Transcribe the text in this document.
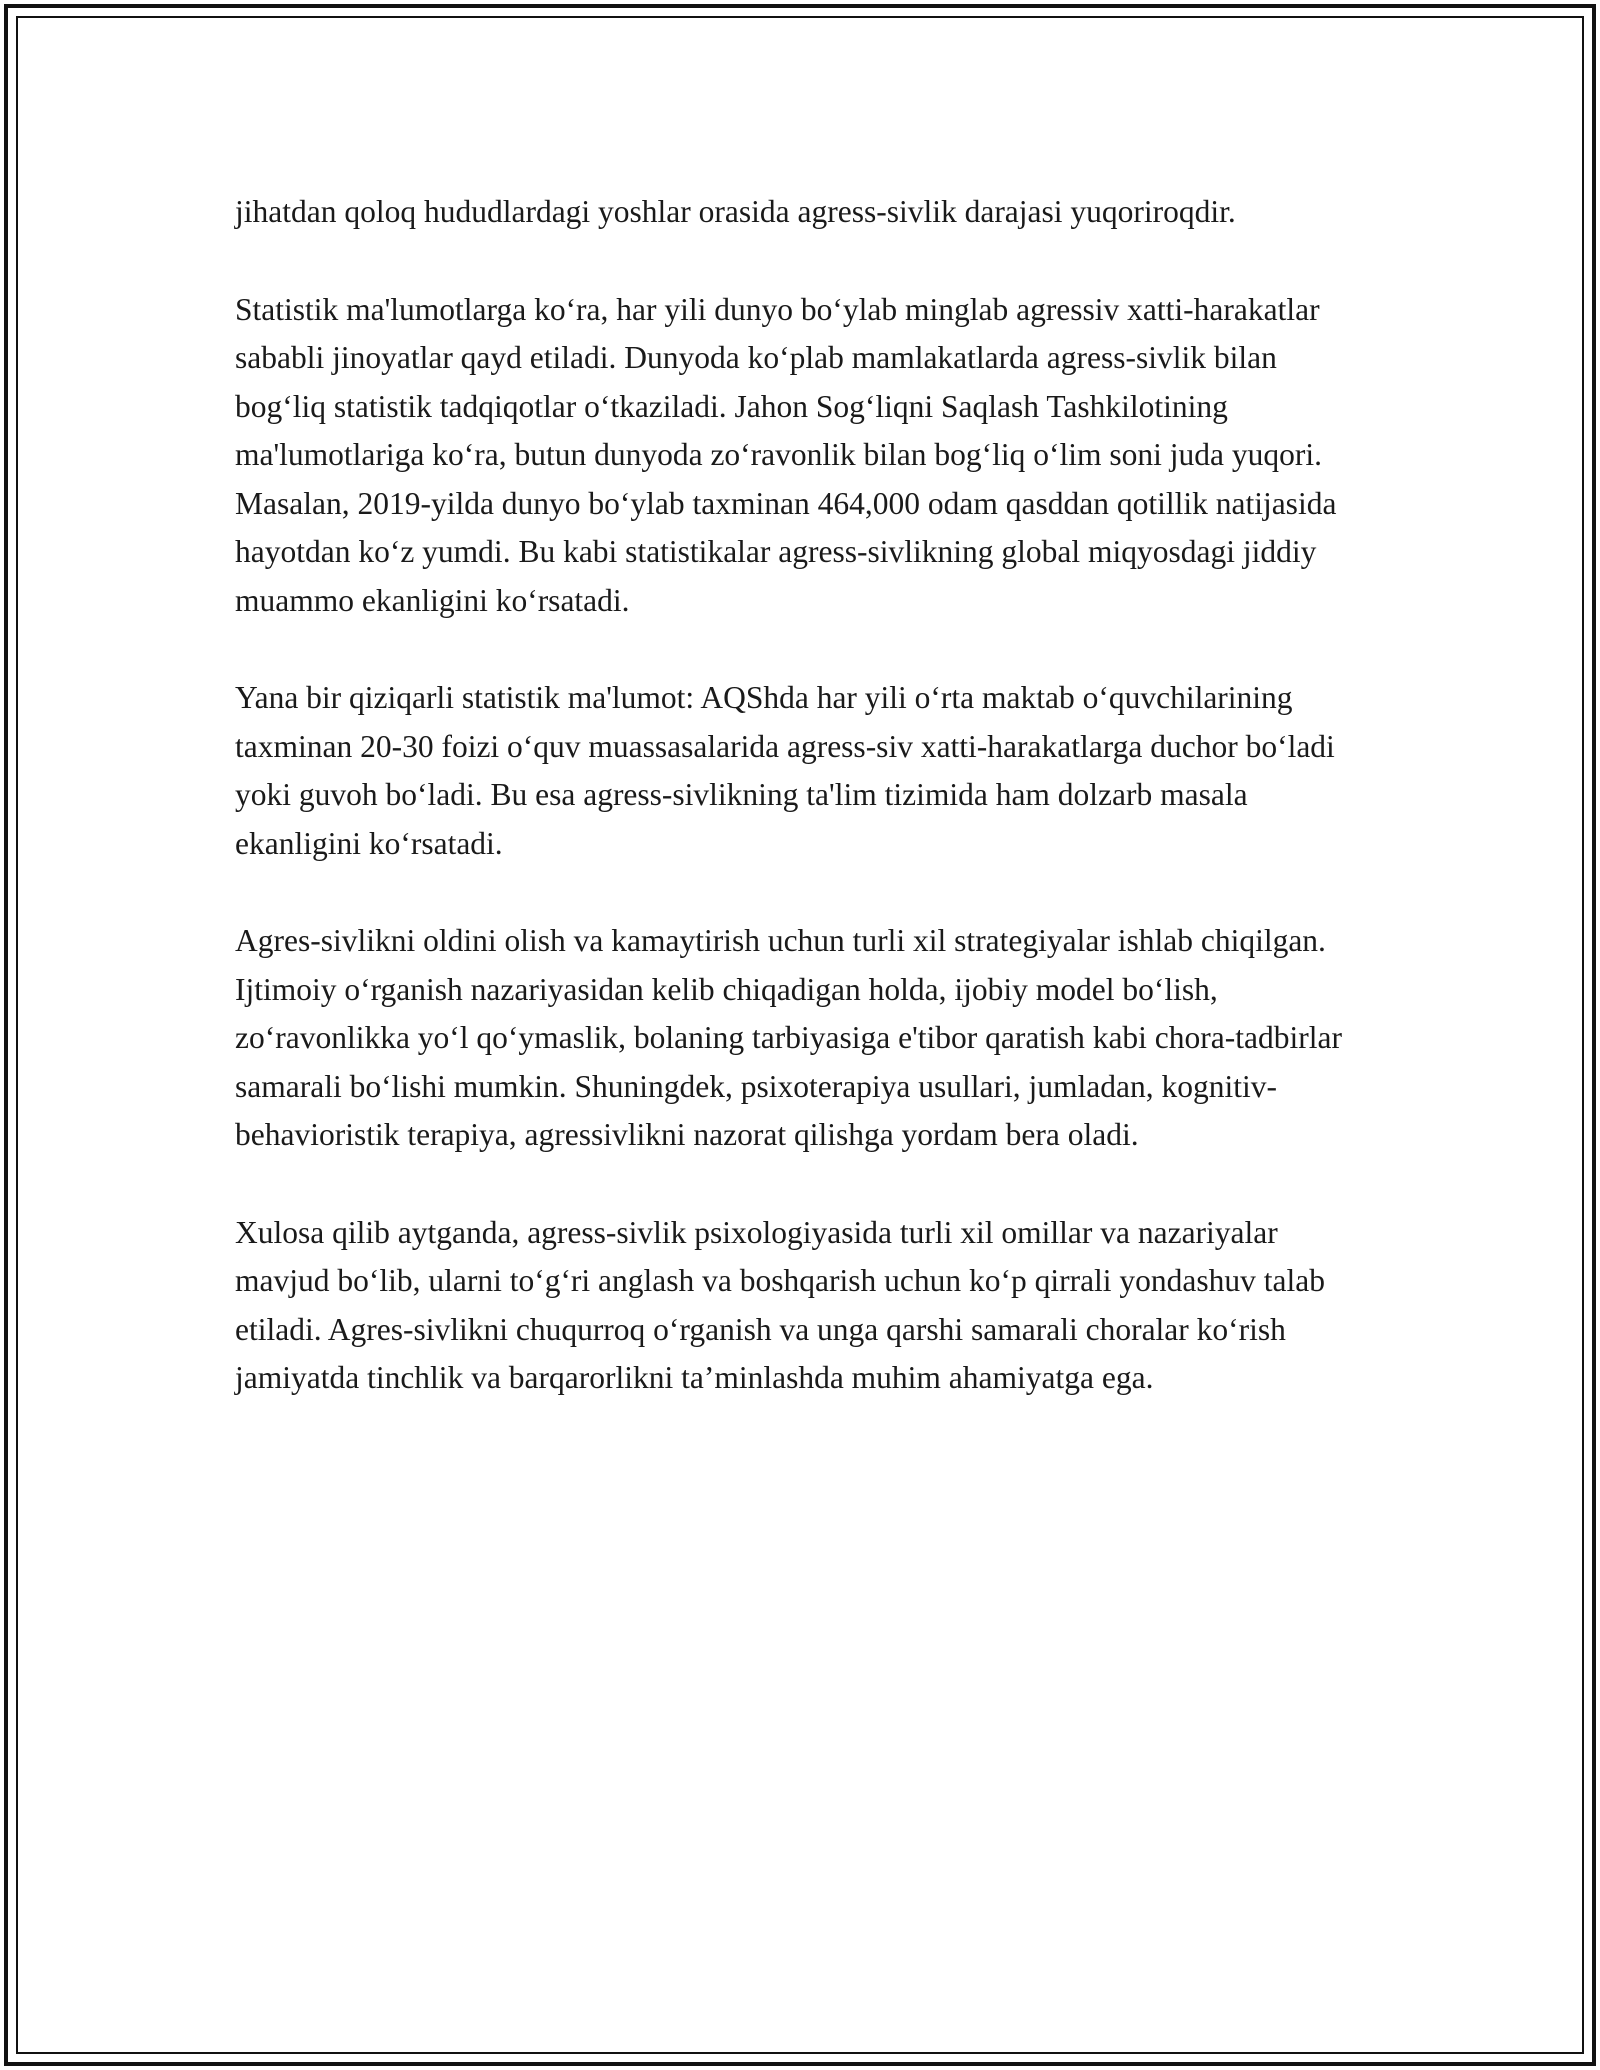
jihatdan qoloq hududlardagi yoshlar orasida agress-sivlik darajasi yuqoriroqdir.

Statistik ma'lumotlarga ko‘ra, har yili dunyo bo‘ylab minglab agressiv xatti-harakatlar sababli jinoyatlar qayd etiladi. Dunyoda ko‘plab mamlakatlarda agress-sivlik bilan bog‘liq statistik tadqiqotlar o‘tkaziladi. Jahon Sog‘liqni Saqlash Tashkilotining ma'lumotlariga ko‘ra, butun dunyoda zo‘ravonlik bilan bog‘liq o‘lim soni juda yuqori. Masalan, 2019-yilda dunyo bo‘ylab taxminan 464,000 odam qasddan qotillik natijasida hayotdan ko‘z yumdi. Bu kabi statistikalar agress-sivlikning global miqyosdagi jiddiy muammo ekanligini ko‘rsatadi.

Yana bir qiziqarli statistik ma'lumot: AQShda har yili o‘rta maktab o‘quvchilarining taxminan 20-30 foizi o‘quv muassasalarida agress-siv xatti-harakatlarga duchor bo‘ladi yoki guvoh bo‘ladi. Bu esa agress-sivlikning ta'lim tizimida ham dolzarb masala ekanligini ko‘rsatadi.

Agres-sivlikni oldini olish va kamaytirish uchun turli xil strategiyalar ishlab chiqilgan. Ijtimoiy o‘rganish nazariyasidan kelib chiqadigan holda, ijobiy model bo‘lish, zo‘ravonlikka yo‘l qo‘ymaslik, bolaning tarbiyasiga e'tibor qaratish kabi chora-tadbirlar samarali bo‘lishi mumkin. Shuningdek, psixoterapiya usullari, jumladan, kognitiv-behavioristik terapiya, agressivlikni nazorat qilishga yordam bera oladi.

Xulosa qilib aytganda, agress-sivlik psixologiyasida turli xil omillar va nazariyalar mavjud bo‘lib, ularni to‘g‘ri anglash va boshqarish uchun ko‘p qirrali yondashuv talab etiladi. Agres-sivlikni chuqurroq o‘rganish va unga qarshi samarali choralar ko‘rish jamiyatda tinchlik va barqarorlikni ta’minlashda muhim ahamiyatga ega.
